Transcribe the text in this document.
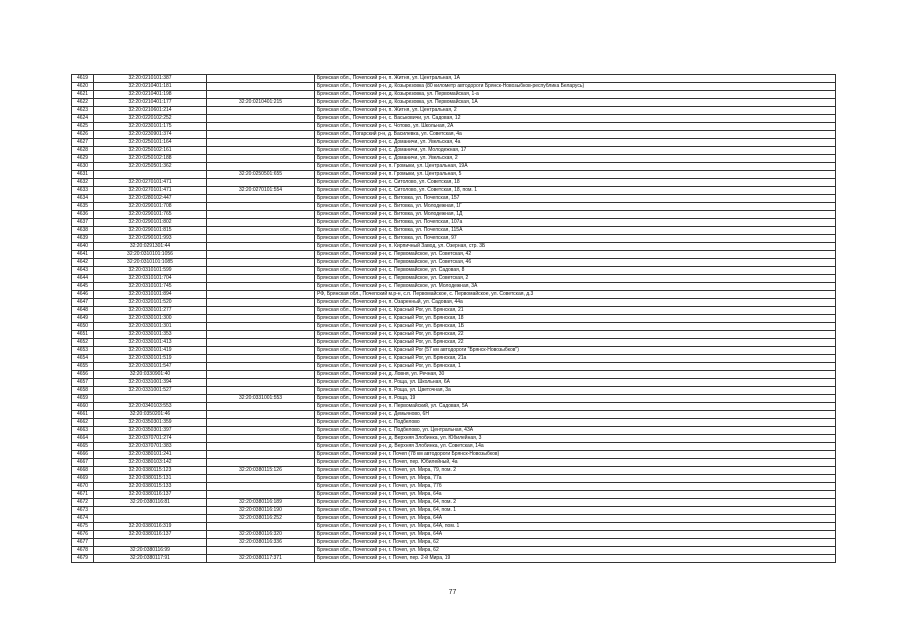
4619	32:20:0210101:387		Брянская обл., Почепский р-н, п. Житня, ул. Центральная, 1А
4620	32:20:0210401:181		Брянская обл., Почепский р-н, д. Козырезовка (80 километр автодороги Брянск-Новозыбков-республика Беларусь)
4621	32:20:0210401:198		Брянская обл., Почепский р-н, д. Козырезовка, ул. Первомайская, 1-а
4622	32:20:0210401:177	32:20:0210401:215	Брянская обл., Почепский р-н, д. Козырезовка, ул. Первомайская, 1А
4623	32:20:0210601:214		Брянская обл., Почепский р-н, п. Житня, ул. Центральная, 2
4624	32:20:0220102:252		Брянская обл., Почепский р-н, с. Васьковичи, ул. Садовая, 12
4625	32:20:0230101:175		Брянская обл., Почепский р-н, с. Чотово, ул. Школьная, 2А
4626	32:20:0230901:374		Брянская обл., Погарский р-н, д. Василевка, ул. Советская, 4а
4627	32:20:0250101:164		Брянская обл., Почепский р-н, с. Доманичи, ул. Увельская, 4а
4628	32:20:0250102:161		Брянская обл., Почепский р-н, с. Доманичи, ул. Молодежная, 17
4629	32:20:0250102:188		Брянская обл., Почепский р-н, с. Доманичи, ул. Увельская, 2
4630	32:20:0250501:362		Брянская обл., Почепский р-н, п. Громыки, ул. Центральная, 19А
4631		32:20:0250501:655	Брянская обл., Почепский р-н, п. Громыки, ул. Центральная, 5
4632	32:20:0270101:471		Брянская обл., Почепский р-н, с. Ситолово, ул. Советская, 18
4633	32:20:0270101:471	32:20:0270101:554	Брянская обл., Почепский р-н, с. Ситолово, ул. Советская, 18, пом. 1
4634	32:20:0280102:447		Брянская обл., Почепский р-н, с. Витовка, ул. Почепская, 157
4635	32:20:0290101:708		Брянская обл., Почепский р-н, с. Витовка, ул. Молодежная, 1Г
4636	32:20:0290101:765		Брянская обл., Почепский р-н, с. Витовка, ул. Молодежная, 1Д
4637	32:20:0290101:802		Брянская обл., Почепский р-н, с. Витовка, ул. Почепская, 107а
4638	32:20:0290101:815		Брянская обл., Почепский р-н, с. Витовка, ул. Почепская, 115А
4639	32:20:0290101:993		Брянская обл., Почепский р-н, с. Витовка, ул. Почепская, 97
4640	32:20:0291301:44		Брянская обл., Почепский р-н, п. Кирпичный Завод, ул. Озерная, стр. 3Б
4641	32:20:0310101:1056		Брянская обл., Почепский р-н, с. Первомайское, ул. Советская, 42
4642	32:20:0310101:1085		Брянская обл., Почепский р-н, с. Первомайское, ул. Советская, 46
4643	32:20:0310101:599		Брянская обл., Почепский р-н, с. Первомайское, ул. Садовая, 8
4644	32:20:0310101:704		Брянская обл., Почепский р-н, с. Первомайское, ул. Советская, 2
4645	32:20:0310101:745		Брянская обл., Почепский р-н, с. Первомайское, ул. Молодежная, 3А
4646	32:20:0310101:894		РФ, Брянская обл., Почепский м.р-н, с.п. Первомайское, с. Первомайское, ул. Советская, д.3
4647	32:20:0320101:520		Брянская обл., Почепский р-н, п. Озаренный, ул. Садовая, 44а
4648	32:20:0330101:277		Брянская обл., Почепский р-н, с. Красный Рог, ул. Брянская, 21
4649	32:20:0330101:300		Брянская обл., Почепский р-н, с. Красный Рог, ул. Брянская, 18
4650	32:20:0330101:301		Брянская обл., Почепский р-н, с. Красный Рог, ул. Брянская, 1Б
4651	32:20:0330101:353		Брянская обл., Почепский р-н, с. Красный Рог, ул. Брянская, 22
4652	32:20:0330101:413		Брянская обл., Почепский р-н, с. Красный Рог, ул. Брянская, 22
4653	32:20:0330101:419		Брянская обл., Почепский р-н, с. Красный Рог (57 км автодороги "Брянск-Новозыбков")
4654	32:20:0330101:519		Брянская обл., Почепский р-н, с. Красный Рог, ул. Брянская, 21а
4655	32:20:0330101:547		Брянская обл., Почепский р-н, с. Красный Рог, ул. Брянская, 1
4656	32:20:0330901:40		Брянская обл., Почепский р-н, д. Ловня, ул. Речная, 30
4657	32:20:0331001:394		Брянская обл., Почепский р-н, п. Роща, ул. Школьная, 6А
4658	32:20:0331001:527		Брянская обл., Почепский р-н, п. Роща, ул. Цветочная, 3а
4659		32:20:0331001:553	Брянская обл., Почепский р-н, п. Роща, 19
4660	32:20:0340103:553		Брянская обл., Почепский р-н, п. Первомайский, ул. Садовая, 5А
4661	32:20:0350201:46		Брянская обл., Почепский р-н, с. Демьяново, 6Н
4662	32:20:0350301:359		Брянская обл., Почепский р-н, с. Подбелово
4663	32:20:0350301:397		Брянская обл., Почепский р-н, с. Подбелово, ул. Центральная, 43А
4664	32:20:0370701:274		Брянская обл., Почепский р-н, д. Верхняя Злобинка, ул. Юбилейная, 3
4665	32:20:0370701:383		Брянская обл., Почепский р-н, д. Верхняя Злобинка, ул. Советская, 14а
4666	32:20:0380101:241		Брянская обл., Почепский р-н, г. Почеп (78 км автодороги Брянск-Новозыбков)
4667	32:20:0380103:142		Брянская обл., Почепский р-н, г. Почеп, пер. Юбилейный, 4а
4668	32:20:0380115:123	32:20:0380115:126	Брянская обл., Почепский р-н, г. Почеп, ул. Мира, 79, пом. 2
4669	32:20:0380115:131		Брянская обл., Почепский р-н, г. Почеп, ул. Мира, 77а
4670	32:20:0380115:133		Брянская обл., Почепский р-н, г. Почеп, ул. Мира, 77б
4671	32:20:0380116:137		Брянская обл., Почепский р-н, г. Почеп, ул. Мира, 64а
4672	32:20:0380116:81	32:20:0380116:189	Брянская обл., Почепский р-н, г. Почеп, ул. Мира, 64, пом. 2
4673		32:20:0380116:190	Брянская обл., Почепский р-н, г. Почеп, ул. Мира, 64, пом. 1
4674		32:20:0380116:252	Брянская обл., Почепский р-н, г. Почеп, ул. Мира, 64А
4675	32:20:0380116:319		Брянская обл., Почепский р-н, г. Почеп, ул. Мира, 64А, пом. 1
4676	32:20:0380116:137	32:20:0380116:320	Брянская обл., Почепский р-н, г. Почеп, ул. Мира, 64А
4677		32:20:0380116:336	Брянская обл., Почепский р-н, г. Почеп, ул. Мира, 62
4678	32:20:0380116:99		Брянская обл., Почепский р-н, г. Почеп, ул. Мира, 62
4679	32:20:0380117:91	32:20:0380117:371	Брянская обл., Почепский р-н, г. Почеп, пер. 2-й Мира, 19
77
